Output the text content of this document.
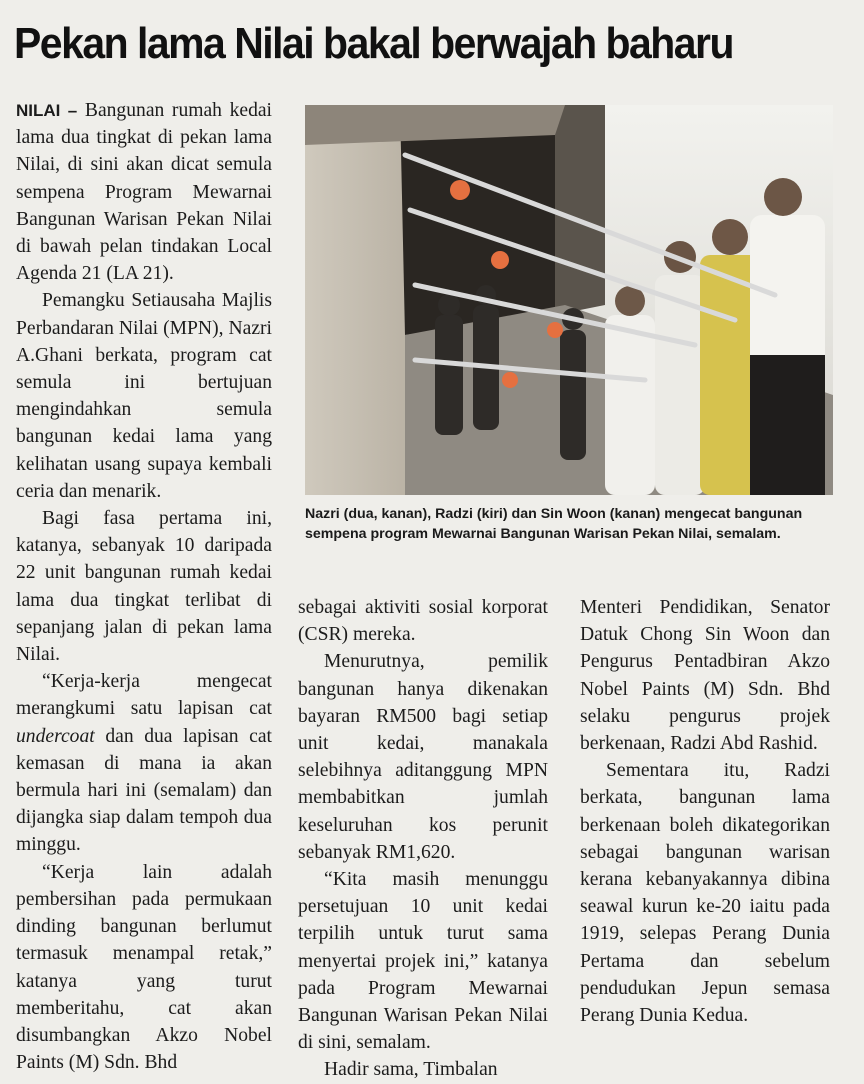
Pekan lama Nilai bakal berwajah baharu

NILAI – Bangunan rumah kedai lama dua tingkat di pekan lama Nilai, di sini akan dicat semula sempena Program Mewarnai Bangunan Warisan Pekan Nilai di bawah pelan tindakan Local Agenda 21 (LA 21).

Pemangku Setiausaha Majlis Perbandaran Nilai (MPN), Nazri A.Ghani berkata, program cat semula ini bertujuan mengindahkan semula bangunan kedai lama yang kelihatan usang supaya kembali ceria dan menarik.

Bagi fasa pertama ini, katanya, sebanyak 10 daripada 22 unit bangunan rumah kedai lama dua tingkat terlibat di sepanjang jalan di pekan lama Nilai.

“Kerja-kerja mengecat merangkumi satu lapisan cat undercoat dan dua lapisan cat kemasan di mana ia akan bermula hari ini (semalam) dan dijangka siap dalam tempoh dua minggu.

“Kerja lain adalah pembersihan pada permukaan dinding bangunan berlumut termasuk menampal retak,” katanya yang turut memberitahu, cat akan disumbangkan Akzo Nobel Paints (M) Sdn. Bhd

Nazri (dua, kanan), Radzi (kiri) dan Sin Woon (kanan) mengecat bangunan sempena program Mewarnai Bangunan Warisan Pekan Nilai, semalam.

sebagai aktiviti sosial korporat (CSR) mereka.

Menurutnya, pemilik bangunan hanya dikenakan bayaran RM500 bagi setiap unit kedai, manakala selebihnya aditanggung MPN membabitkan jumlah keseluruhan kos perunit sebanyak RM1,620.

“Kita masih menunggu persetujuan 10 unit kedai terpilih untuk turut sama menyertai projek ini,” katanya pada Program Mewarnai Bangunan Warisan Pekan Nilai di sini, semalam.

Hadir sama, Timbalan

Menteri Pendidikan, Senator Datuk Chong Sin Woon dan Pengurus Pentadbiran Akzo Nobel Paints (M) Sdn. Bhd selaku pengurus projek berkenaan, Radzi Abd Rashid.

Sementara itu, Radzi berkata, bangunan lama berkenaan boleh dikategorikan sebagai bangunan warisan kerana kebanyakannya dibina seawal kurun ke-20 iaitu pada 1919, selepas Perang Dunia Pertama dan sebelum pendudukan Jepun semasa Perang Dunia Kedua.
